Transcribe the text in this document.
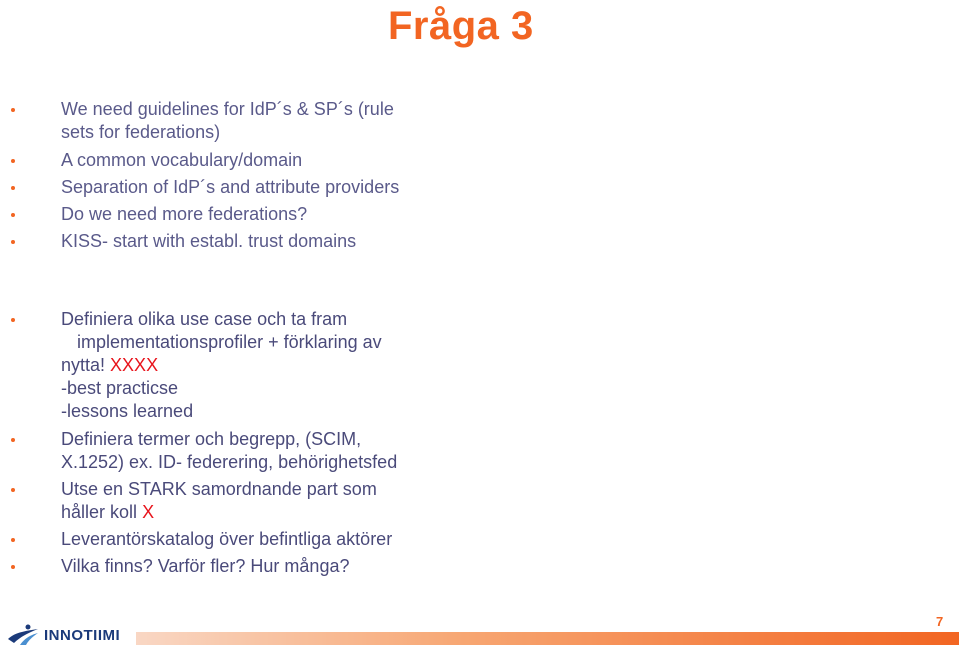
Fråga 3
We need guidelines for IdP´s & SP´s (rule
sets for federations)
A common vocabulary/domain
Separation of IdP´s and attribute providers
Do we need more federations?
KISS- start with establ. trust domains
Definiera olika use case och ta fram
implementationsprofiler + förklaring av
nytta! XXXX
-best practicse
-lessons learned
Definiera termer och begrepp, (SCIM,
X.1252) ex. ID- federering, behörighetsfed
Utse en STARK samordnande part som
håller koll X
Leverantörskatalog över befintliga aktörer
Vilka finns? Varför fler? Hur många?
INNOTIIMI
7
